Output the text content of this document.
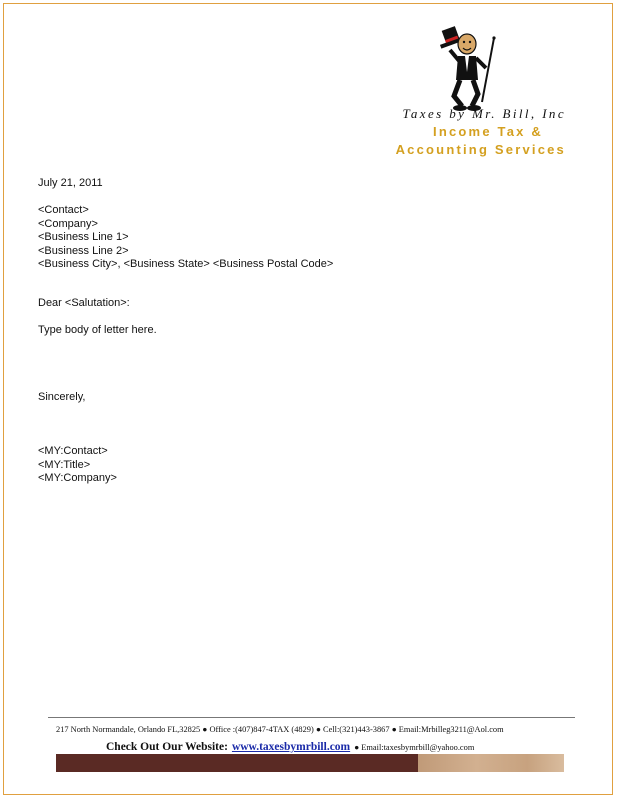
Taxes by Mr. Bill, Inc
Income Tax &
Accounting Services
July 21, 2011
<Contact>
<Company>
<Business Line 1>
<Business Line 2>
<Business City>, <Business State> <Business Postal Code>
Dear <Salutation>:
Type body of letter here.
Sincerely,
<MY:Contact>
<MY:Title>
<MY:Company>
217 North Normandale, Orlando FL,32825 ● Office :(407)847-4TAX (4829) ● Cell:(321)443-3867 ● Email:Mrbilleg3211@Aol.com
Check Out Our Website: www.taxesbymrbill.com ● Email:taxesbymrbill@yahoo.com
